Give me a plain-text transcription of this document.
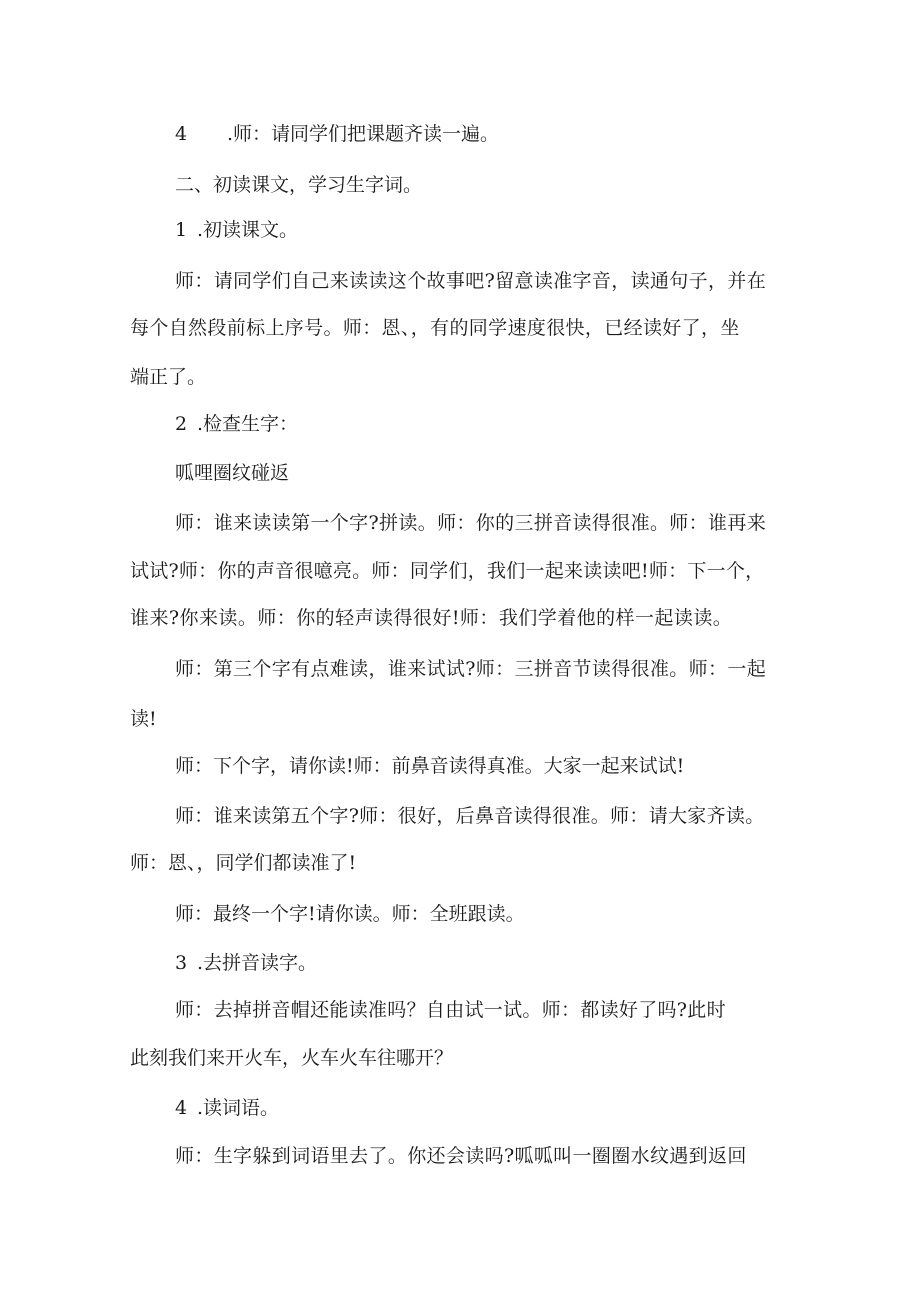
4 .师：请同学们把课题齐读一遍。
二、初读课文，学习生字词。
1 .初读课文。
师：请同学们自己来读读这个故事吧?留意读准字音，读通句子，并在
每个自然段前标上序号。师：恩、，有的同学速度很快，已经读好了，坐
端正了。
2 .检查生字：
呱哩圈纹碰返
师：谁来读读第一个字?拼读。师：你的三拼音读得很准。师：谁再来
试试?师：你的声音很噫亮。师：同学们，我们一起来读读吧!师：下一个，
谁来?你来读。师：你的轻声读得很好!师：我们学着他的样一起读读。
师：第三个字有点难读，谁来试试?师：三拼音节读得很准。师：一起
读!
师：下个字，请你读!师：前鼻音读得真准。大家一起来试试!
师：谁来读第五个字?师：很好，后鼻音读得很准。师：请大家齐读。
师：恩、，同学们都读准了!
师：最终一个字!请你读。师：全班跟读。
3 .去拼音读字。
师：去掉拼音帽还能读准吗？自由试一试。师：都读好了吗?此时
此刻我们来开火车，火车火车往哪开？
4 .读词语。
师：生字躲到词语里去了。你还会读吗?呱呱叫一圈圈水纹遇到返回
